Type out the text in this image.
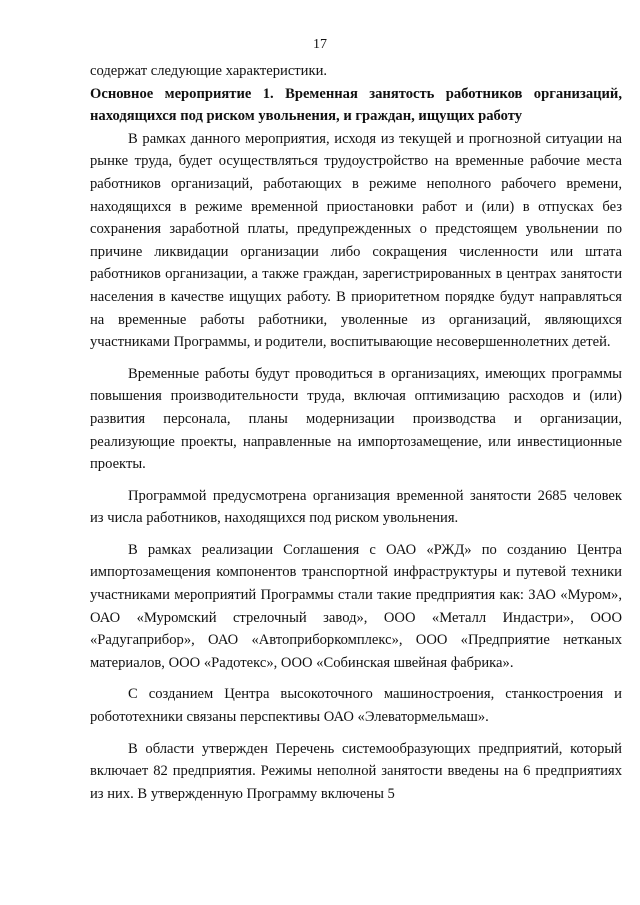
17

содержат следующие характеристики.

Основное мероприятие 1. Временная занятость работников организаций, находящихся под риском увольнения, и граждан, ищущих работу

В рамках данного мероприятия, исходя из текущей и прогнозной ситуации на рынке труда, будет осуществляться трудоустройство на временные рабочие места работников организаций, работающих в режиме неполного рабочего времени, находящихся в режиме временной приостановки работ и (или) в отпусках без сохранения заработной платы, предупрежденных о предстоящем увольнении по причине ликвидации организации либо сокращения численности или штата работников организации, а также граждан, зарегистрированных в центрах занятости населения в качестве ищущих работу. В приоритетном порядке будут направляться на временные работы работники, уволенные из организаций, являющихся участниками Программы, и родители, воспитывающие несовершеннолетних детей.

Временные работы будут проводиться в организациях, имеющих программы повышения производительности труда, включая оптимизацию расходов и (или) развития персонала, планы модернизации производства и организации, реализующие проекты, направленные на импортозамещение, или инвестиционные проекты.

Программой предусмотрена организация временной занятости 2685 человек из числа работников, находящихся под риском увольнения.

В рамках реализации Соглашения с ОАО «РЖД» по созданию Центра импортозамещения компонентов транспортной инфраструктуры и путевой техники участниками мероприятий Программы стали такие предприятия как: ЗАО «Муром», ОАО «Муромский стрелочный завод», ООО «Металл Индастри», ООО «Радугаприбор», ОАО «Автоприборкомплекс», ООО «Предприятие нетканых материалов, ООО «Радотекс», ООО «Собинская швейная фабрика».

С созданием Центра высокоточного машиностроения, станкостроения и робототехники связаны перспективы ОАО «Элеватормельмаш».

В области утвержден Перечень системообразующих предприятий, который включает 82 предприятия. Режимы неполной занятости введены на 6 предприятиях из них. В утвержденную Программу включены 5
